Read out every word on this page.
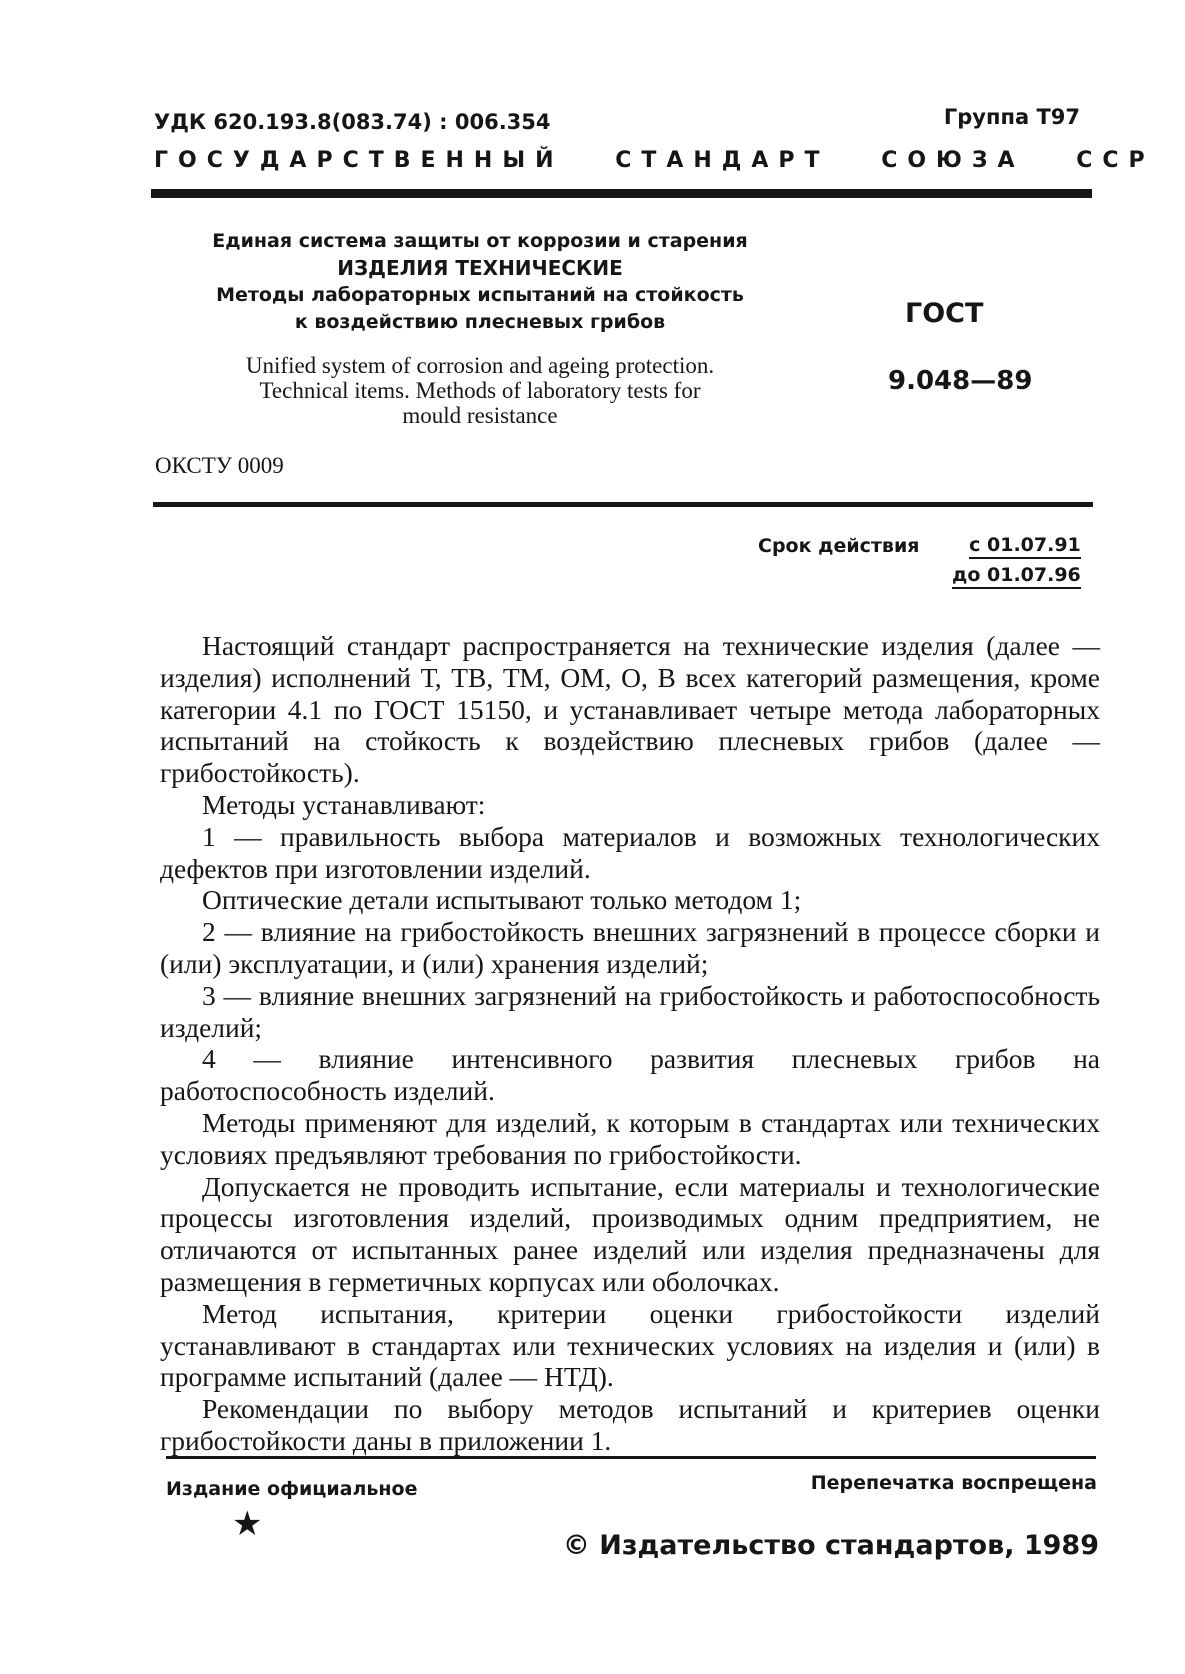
УДК 620.193.8(083.74) : 006.354	Группа Т97
ГОСУДАРСТВЕННЫЙ СТАНДАРТ СОЮЗА ССР
Единая система защиты от коррозии и старения
ИЗДЕЛИЯ ТЕХНИЧЕСКИЕ
Методы лабораторных испытаний на стойкость
к воздействию плесневых грибов	ГОСТ
9.048—89
Unified system of corrosion and ageing protection.
Technical items. Methods of laboratory tests for
mould resistance
ОКСТУ 0009
Срок действия	с 01.07.91
до 01.07.96

Настоящий стандарт распространяется на технические изделия (далее — изделия) исполнений Т, ТВ, ТМ, ОМ, О, В всех категорий размещения, кроме категории 4.1 по ГОСТ 15150, и устанавливает четыре метода лабораторных испытаний на стойкость к воздействию плесневых грибов (далее — грибостойкость).

Методы устанавливают:

1 — правильность выбора материалов и возможных технологических дефектов при изготовлении изделий.

Оптические детали испытывают только методом 1;

2 — влияние на грибостойкость внешних загрязнений в процессе сборки и (или) эксплуатации, и (или) хранения изделий;

3 — влияние внешних загрязнений на грибостойкость и работоспособность изделий;

4 — влияние интенсивного развития плесневых грибов на работоспособность изделий.

Методы применяют для изделий, к которым в стандартах или технических условиях предъявляют требования по грибостойкости.

Допускается не проводить испытание, если материалы и технологические процессы изготовления изделий, производимых одним предприятием, не отличаются от испытанных ранее изделий или изделия предназначены для размещения в герметичных корпусах или оболочках.

Метод испытания, критерии оценки грибостойкости изделий устанавливают в стандартах или технических условиях на изделия и (или) в программе испытаний (далее — НТД).

Рекомендации по выбору методов испытаний и критериев оценки грибостойкости даны в приложении 1.

Издание официальное	Перепечатка воспрещена
★
© Издательство стандартов, 1989
